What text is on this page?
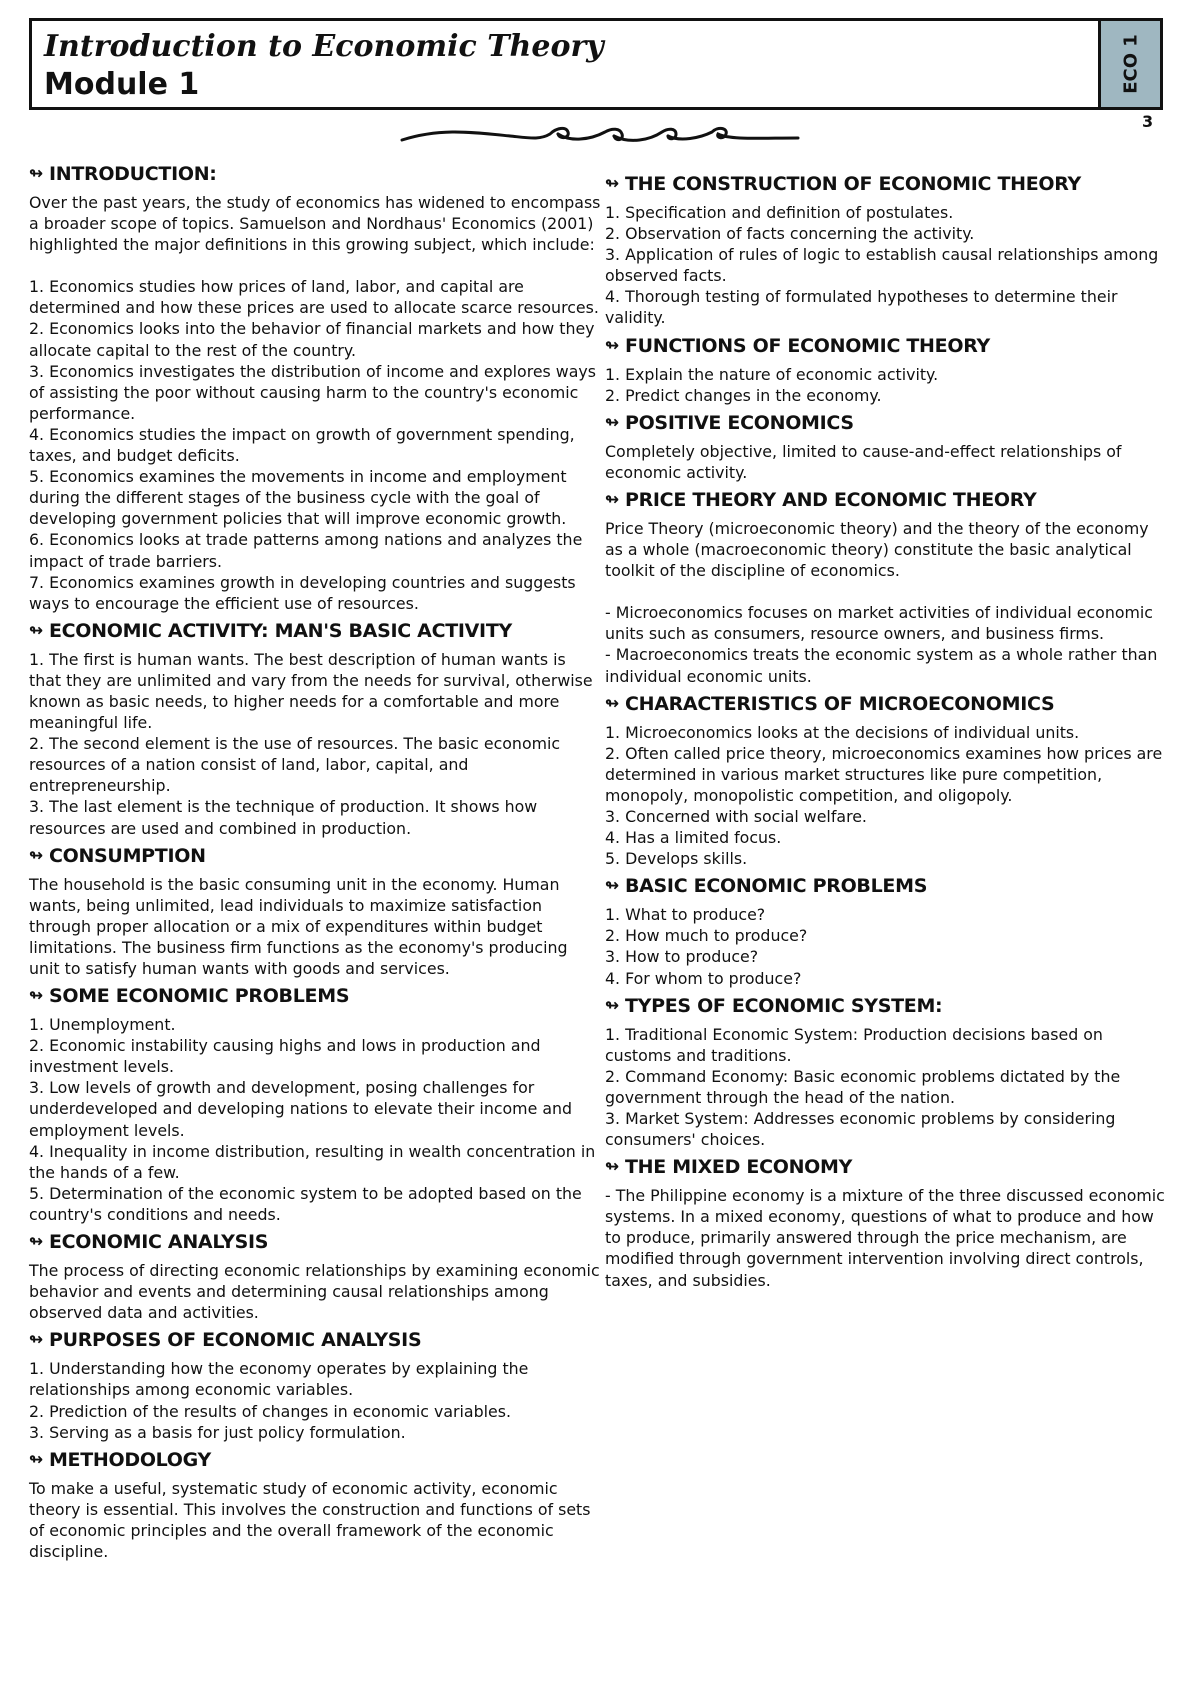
Introduction to Economic Theory
Module 1	ECO 1
3
↬ INTRODUCTION:

Over the past years, the study of economics has widened to encompass a broader scope of topics. Samuelson and Nordhaus' Economics (2001) highlighted the major definitions in this growing subject, which include:

1. Economics studies how prices of land, labor, and capital are determined and how these prices are used to allocate scarce resources.

2. Economics looks into the behavior of financial markets and how they allocate capital to the rest of the country.

3. Economics investigates the distribution of income and explores ways of assisting the poor without causing harm to the country's economic performance.

4. Economics studies the impact on growth of government spending, taxes, and budget deficits.

5. Economics examines the movements in income and employment during the different stages of the business cycle with the goal of developing government policies that will improve economic growth.

6. Economics looks at trade patterns among nations and analyzes the impact of trade barriers.

7. Economics examines growth in developing countries and suggests ways to encourage the efficient use of resources.

↬ ECONOMIC ACTIVITY: MAN'S BASIC ACTIVITY

1. The first is human wants. The best description of human wants is that they are unlimited and vary from the needs for survival, otherwise known as basic needs, to higher needs for a comfortable and more meaningful life.

2. The second element is the use of resources. The basic economic resources of a nation consist of land, labor, capital, and entrepreneurship.

3. The last element is the technique of production. It shows how resources are used and combined in production.

↬ CONSUMPTION

The household is the basic consuming unit in the economy. Human wants, being unlimited, lead individuals to maximize satisfaction through proper allocation or a mix of expenditures within budget limitations. The business firm functions as the economy's producing unit to satisfy human wants with goods and services.

↬ SOME ECONOMIC PROBLEMS

1. Unemployment.

2. Economic instability causing highs and lows in production and investment levels.

3. Low levels of growth and development, posing challenges for underdeveloped and developing nations to elevate their income and employment levels.

4. Inequality in income distribution, resulting in wealth concentration in the hands of a few.

5. Determination of the economic system to be adopted based on the country's conditions and needs.

↬ ECONOMIC ANALYSIS

The process of directing economic relationships by examining economic behavior and events and determining causal relationships among observed data and activities.

↬ PURPOSES OF ECONOMIC ANALYSIS

1. Understanding how the economy operates by explaining the relationships among economic variables.

2. Prediction of the results of changes in economic variables.

3. Serving as a basis for just policy formulation.

↬ METHODOLOGY

To make a useful, systematic study of economic activity, economic theory is essential. This involves the construction and functions of sets of economic principles and the overall framework of the economic discipline.

↬ THE CONSTRUCTION OF ECONOMIC THEORY

1. Specification and definition of postulates.

2. Observation of facts concerning the activity.

3. Application of rules of logic to establish causal relationships among observed facts.

4. Thorough testing of formulated hypotheses to determine their validity.

↬ FUNCTIONS OF ECONOMIC THEORY

1. Explain the nature of economic activity.

2. Predict changes in the economy.

↬ POSITIVE ECONOMICS

Completely objective, limited to cause-and-effect relationships of economic activity.

↬ PRICE THEORY AND ECONOMIC THEORY

Price Theory (microeconomic theory) and the theory of the economy as a whole (macroeconomic theory) constitute the basic analytical toolkit of the discipline of economics.

- Microeconomics focuses on market activities of individual economic units such as consumers, resource owners, and business firms.

- Macroeconomics treats the economic system as a whole rather than individual economic units.

↬ CHARACTERISTICS OF MICROECONOMICS

1. Microeconomics looks at the decisions of individual units.

2. Often called price theory, microeconomics examines how prices are determined in various market structures like pure competition, monopoly, monopolistic competition, and oligopoly.

3. Concerned with social welfare.

4. Has a limited focus.

5. Develops skills.

↬ BASIC ECONOMIC PROBLEMS

1. What to produce?

2. How much to produce?

3. How to produce?

4. For whom to produce?

↬ TYPES OF ECONOMIC SYSTEM:

1. Traditional Economic System: Production decisions based on customs and traditions.

2. Command Economy: Basic economic problems dictated by the government through the head of the nation.

3. Market System: Addresses economic problems by considering consumers' choices.

↬ THE MIXED ECONOMY

- The Philippine economy is a mixture of the three discussed economic systems. In a mixed economy, questions of what to produce and how to produce, primarily answered through the price mechanism, are modified through government intervention involving direct controls, taxes, and subsidies.
